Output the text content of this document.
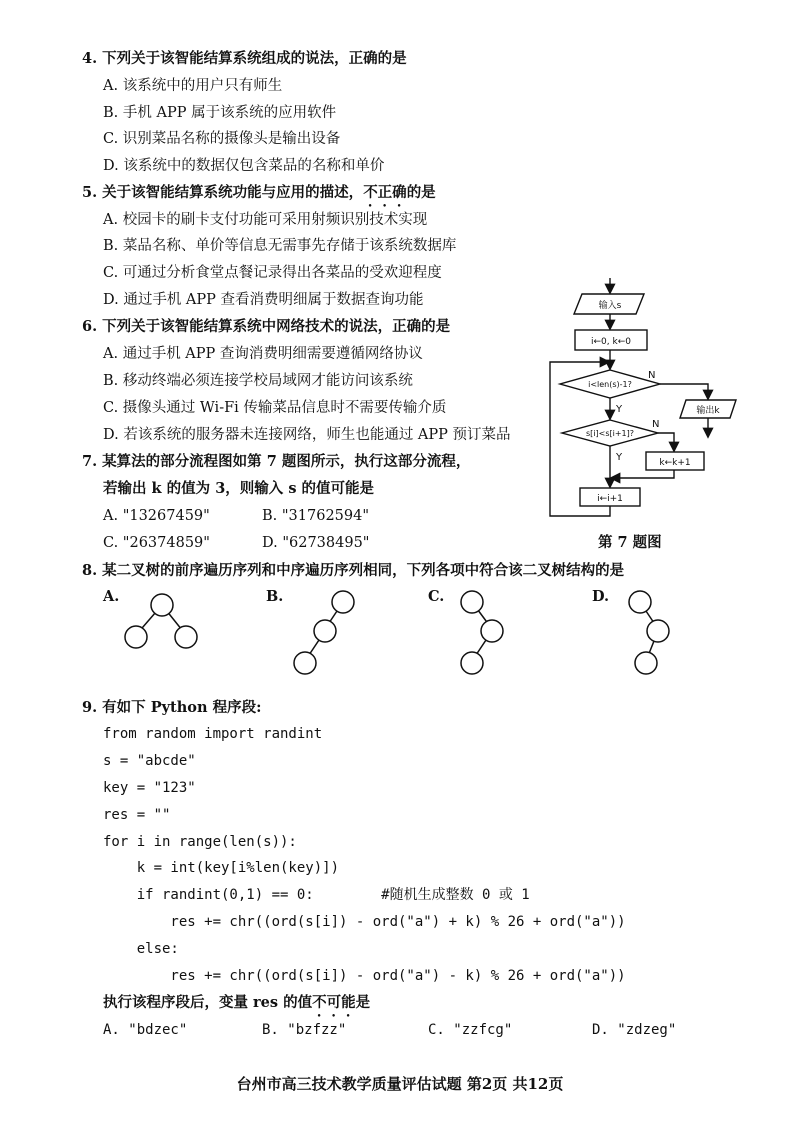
4. 下列关于该智能结算系统组成的说法，正确的是
A. 该系统中的用户只有师生
B. 手机 APP 属于该系统的应用软件
C. 识别菜品名称的摄像头是输出设备
D. 该系统中的数据仅包含菜品的名称和单价
5. 关于该智能结算系统功能与应用的描述，不正确的是
A. 校园卡的刷卡支付功能可采用射频识别技术实现
B. 菜品名称、单价等信息无需事先存储于该系统数据库
C. 可通过分析食堂点餐记录得出各菜品的受欢迎程度
D. 通过手机 APP 查看消费明细属于数据查询功能
6. 下列关于该智能结算系统中网络技术的说法，正确的是
A. 通过手机 APP 查询消费明细需要遵循网络协议
B. 移动终端必须连接学校局域网才能访问该系统
C. 摄像头通过 Wi-Fi 传输菜品信息时不需要传输介质
D. 若该系统的服务器未连接网络，师生也能通过 APP 预订菜品
7. 某算法的部分流程图如第 7 题图所示，执行这部分流程，
若输出 k 的值为 3，则输入 s 的值可能是
A. "13267459"	B. "31762594"
C. "26374859"	D. "62738495"
输入s
i←0, k←0
i<len(s)-1?
s[i]<s[i+1]?
k←k+1
i←i+1
输出k
N
Y
N
Y
第 7 题图
8. 某二叉树的前序遍历序列和中序遍历序列相同，下列各项中符合该二叉树结构的是
A.	B.	C.	D.
9. 有如下 Python 程序段:
from random import randint
s = "abcde"
key = "123"
res = ""
for i in range(len(s)):
k = int(key[i%len(key)])
if randint(0,1) == 0:        #随机生成整数 0 或 1
res += chr((ord(s[i]) - ord("a") + k) % 26 + ord("a"))
else:
res += chr((ord(s[i]) - ord("a") - k) % 26 + ord("a"))
执行该程序段后，变量 res 的值不可能是
A. "bdzec"	B. "bzfzz"	C. "zzfcg"	D. "zdzeg"
台州市高三技术教学质量评估试题 第2页 共12页
